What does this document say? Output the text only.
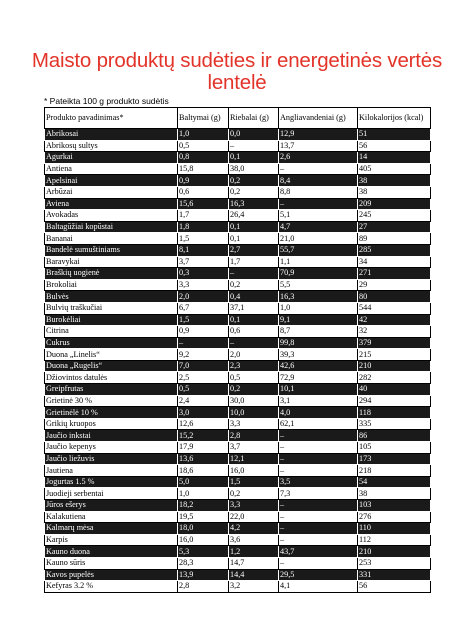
Maisto produktų sudėties ir energetinės vertės
lentelė
* Pateikta 100 g produkto sudėtis
Produkto pavadinimas*	Baltymai (g)	Riebalai (g)	Angliavandeniai (g)	Kilokalorijos (kcal)
Abrikosai	1,0	0,0	12,9	51
Abrikosų sultys	0,5	–	13,7	56
Agurkai	0,8	0,1	2,6	14
Antiena	15,8	38,0	–	405
Apelsinai	0,9	0,2	8,4	38
Arbūzai	0,6	0,2	8,8	38
Aviena	15,6	16,3	–	209
Avokadas	1,7	26,4	5,1	245
Baltagūžiai kopūstai	1,8	0,1	4,7	27
Bananai	1,5	0,1	21,0	89
Bandelė sumuštiniams	8,1	2,7	55,7	285
Baravykai	3,7	1,7	1,1	34
Braškių uogienė	0,3	–	70,9	271
Brokoliai	3,3	0,2	5,5	29
Bulvės	2,0	0,4	16,3	80
Bulvių traškučiai	6,7	37,1	1,0	544
Burokėliai	1,5	0,1	9,1	42
Citrina	0,9	0,6	8,7	32
Cukrus	–	–	99,8	379
Duona „Linelis“	9,2	2,0	39,3	215
Duona „Rugelis“	7,0	2,3	42,6	210
Džiovintos datulės	2,5	0,5	72,9	282
Greipfrutas	0,5	0,2	10,1	40
Grietinė 30 %	2,4	30,0	3,1	294
Grietinėlė 10 %	3,0	10,0	4,0	118
Grikių kruopos	12,6	3,3	62,1	335
Jaučio inkstai	15,2	2,8	–	86
Jaučio kepenys	17,9	3,7	–	105
Jaučio liežuvis	13,6	12,1	–	173
Jautiena	18,6	16,0	–	218
Jogurtas 1.5 %	5,0	1,5	3,5	54
Juodieji serbentai	1,0	0,2	7,3	38
Jūros ešerys	18,2	3,3	–	103
Kalakutiena	19,5	22,0	–	276
Kalmarų mėsa	18,0	4,2	–	110
Karpis	16,0	3,6	–	112
Kauno duona	5,3	1,2	43,7	210
Kauno sūris	28,3	14,7	–	253
Kavos pupelės	13,9	14,4	29,5	331
Kefyras 3.2 %	2,8	3,2	4,1	56
